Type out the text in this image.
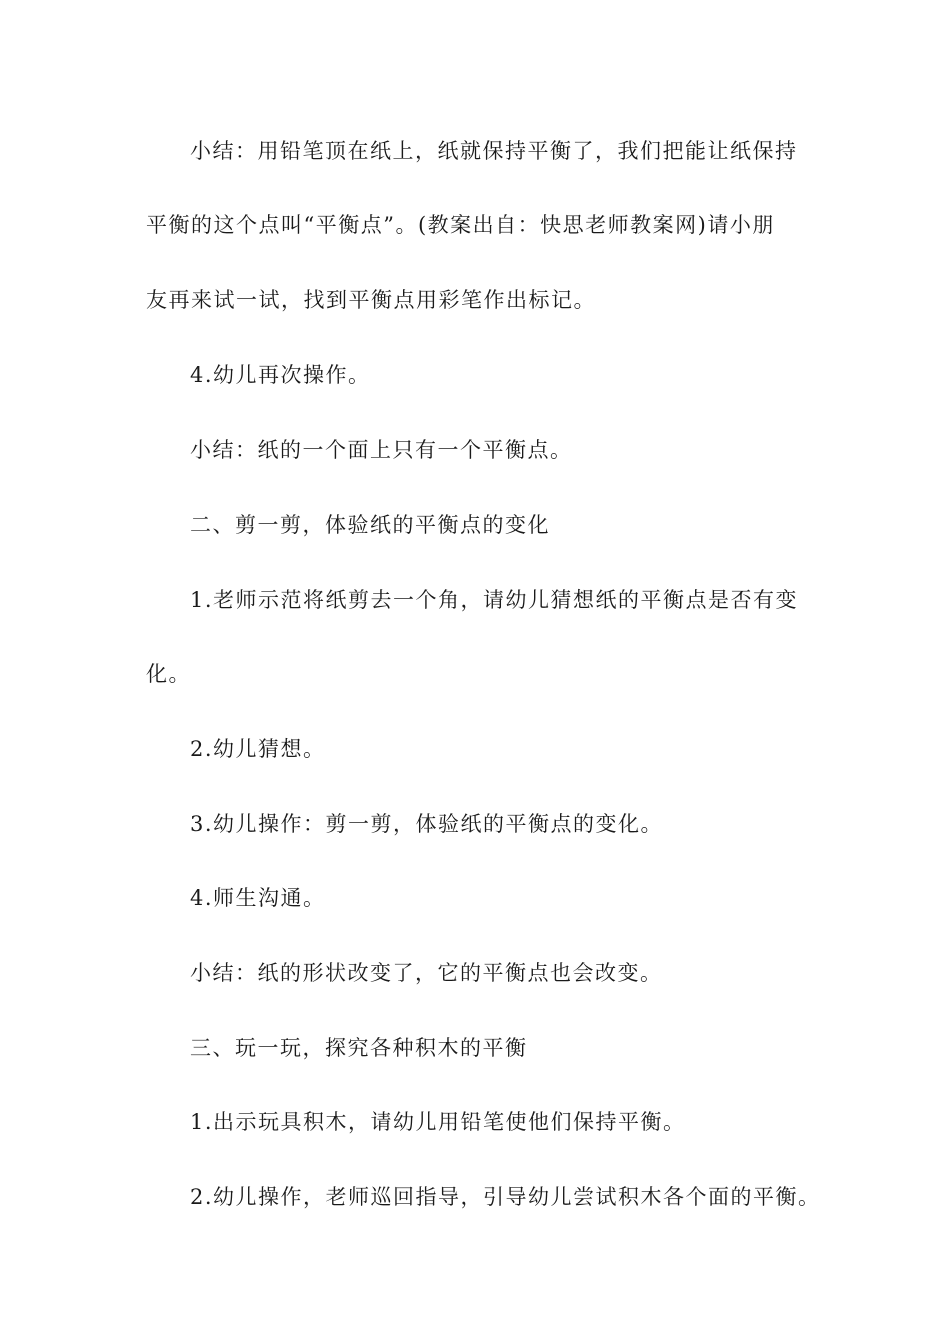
小结：用铅笔顶在纸上，纸就保持平衡了，我们把能让纸保持
平衡的这个点叫“平衡点”。(教案出自：快思老师教案网)请小朋
友再来试一试，找到平衡点用彩笔作出标记。
4.幼儿再次操作。
小结：纸的一个面上只有一个平衡点。
二、剪一剪，体验纸的平衡点的变化
1.老师示范将纸剪去一个角，请幼儿猜想纸的平衡点是否有变
化。
2.幼儿猜想。
3.幼儿操作：剪一剪，体验纸的平衡点的变化。
4.师生沟通。
小结：纸的形状改变了，它的平衡点也会改变。
三、玩一玩，探究各种积木的平衡
1.出示玩具积木，请幼儿用铅笔使他们保持平衡。
2.幼儿操作，老师巡回指导，引导幼儿尝试积木各个面的平衡。
